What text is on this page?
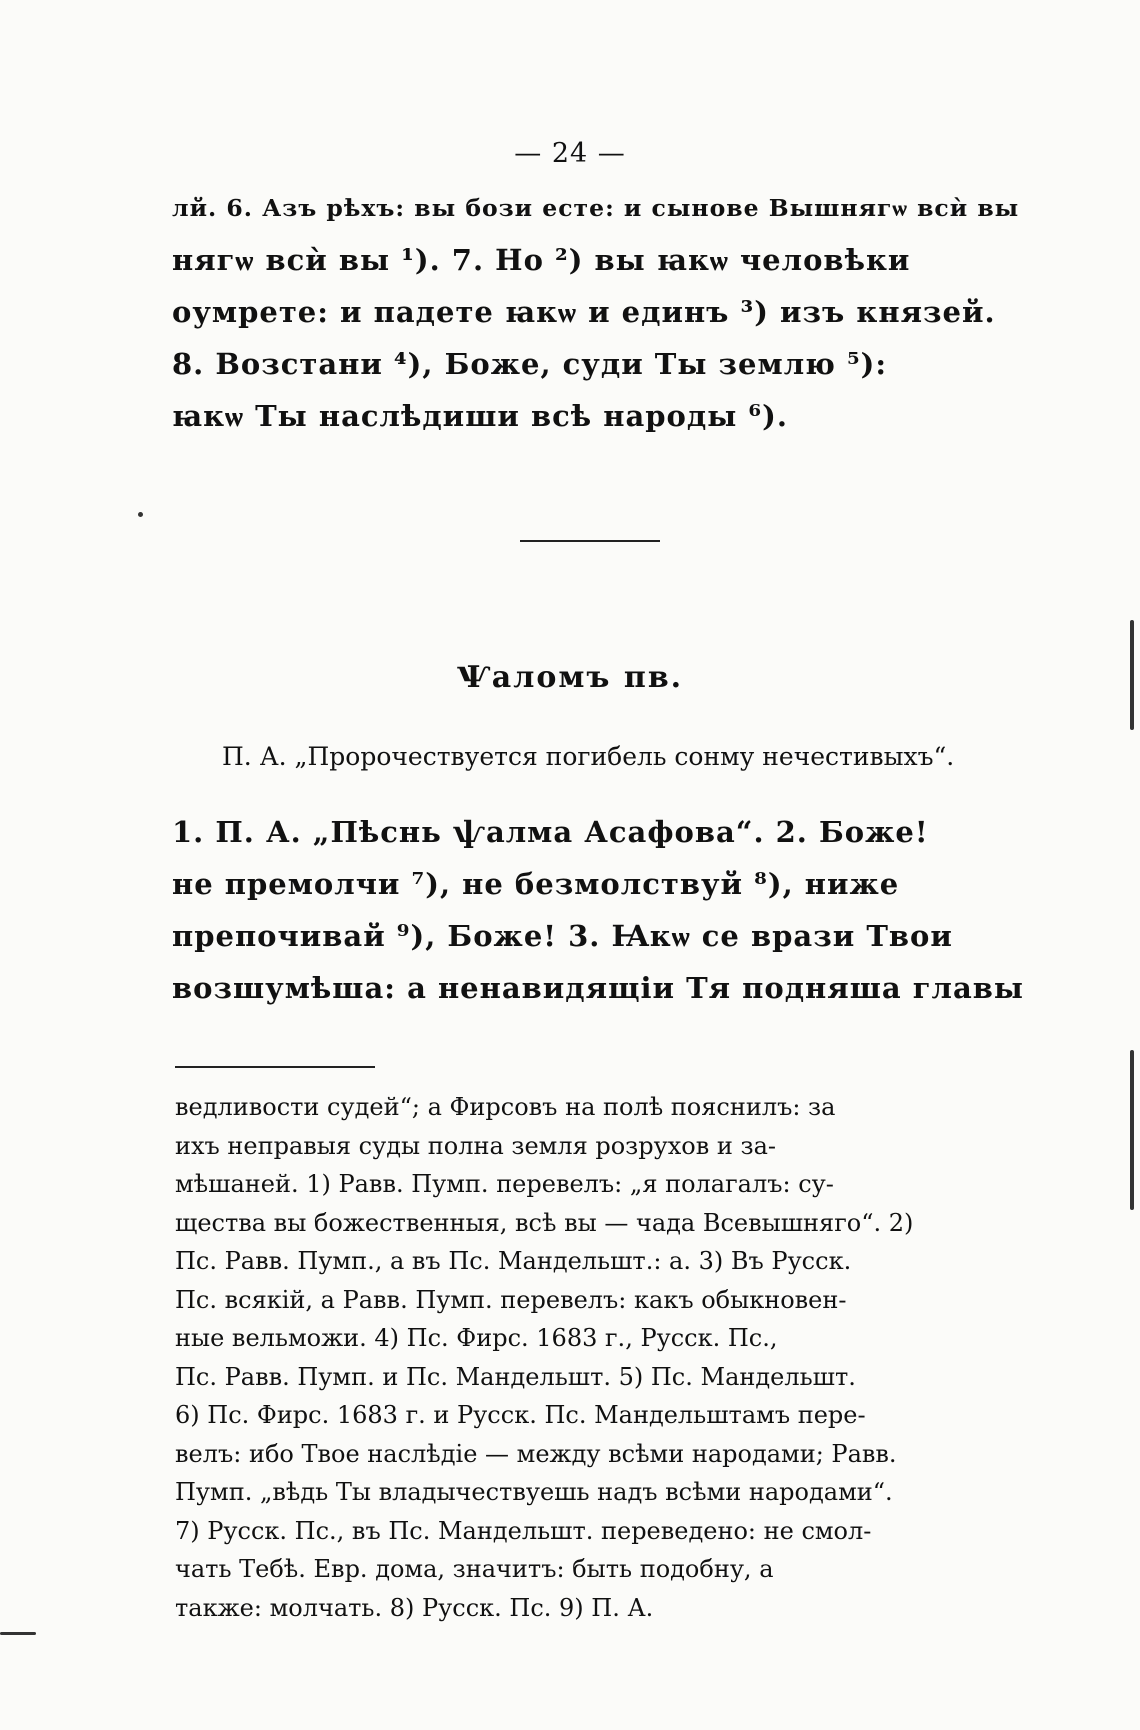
— 24 —
лй. 6. Азъ рѣхъ: вы бози есте: и сынове Вышнягѡ всѝ вы
нягѡ всѝ вы ¹). 7. Но ²) вы ꙗкѡ человѣки
оумрете: и падете ꙗкѡ и единъ ³) изъ князей.
8. Возстани ⁴), Боже, суди Ты землю ⁵):
ꙗкѡ Ты наслѣдиши всѣ народы ⁶).
Ѱаломъ пв.
П. А. „Пророчествуется погибель сонму нечестивыхъ“.
1. П. А. „Пѣснь ѱалма Асафова“. 2. Боже!
не премолчи ⁷), не безмолствуй ⁸), ниже
препочивай ⁹), Боже! 3. Ꙗкѡ се врази Твои
возшумѣша: а ненавидящіи Тя подняша главы
ведливости судей“; а Фирсовъ на полѣ пояснилъ: за
ихъ неправыя суды полна земля розрухов и за-
мѣшаней. 1) Равв. Пумп. перевелъ: „я полагалъ: су-
щества вы божественныя, всѣ вы — чада Всевышняго“. 2)
Пс. Равв. Пумп., а въ Пс. Мандельшт.: а. 3) Въ Русск.
Пс. всякій, а Равв. Пумп. перевелъ: какъ обыкновен-
ные вельможи. 4) Пс. Фирс. 1683 г., Русск. Пс.,
Пс. Равв. Пумп. и Пс. Мандельшт. 5) Пс. Мандельшт.
6) Пс. Фирс. 1683 г. и Русск. Пс. Мандельштамъ пере-
велъ: ибо Твое наслѣдіе — между всѣми народами; Равв.
Пумп. „вѣдь Ты владычествуешь надъ всѣми народами“.
7) Русск. Пс., въ Пс. Мандельшт. переведено: не смол-
чать Тебѣ. Евр. дома, значитъ: быть подобну, а
также: молчать. 8) Русск. Пс. 9) П. А.
